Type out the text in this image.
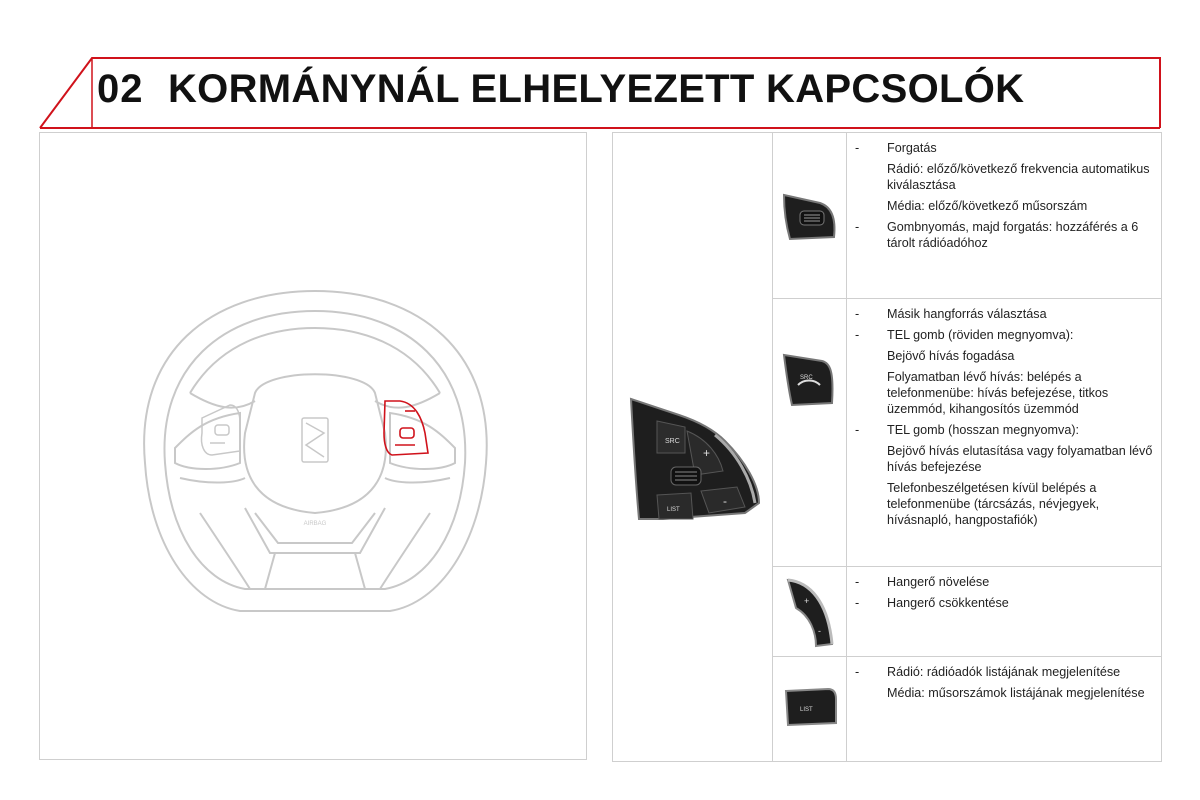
02 KORMÁNYNÁL ELHELYEZETT KAPCSOLÓK
AIRBAG
SRC
+
LIST
-
- Forgatás
Rádió: előző/következő frekvencia automatikus kiválasztása
Média: előző/következő műsorszám
- Gombnyomás, majd forgatás: hozzáférés a 6 tárolt rádióadóhoz
SRC
- Másik hangforrás választása
- TEL gomb (röviden megnyomva):
Bejövő hívás fogadása
Folyamatban lévő hívás: belépés a telefonmenübe: hívás befejezése, titkos üzemmód, kihangosítós üzemmód
- TEL gomb (hosszan megnyomva):
Bejövő hívás elutasítása vagy folyamatban lévő hívás befejezése
Telefonbeszélgetésen kívül belépés a telefonmenübe (tárcsázás, névjegyek, hívásnapló, hangpostafiók)
+
-
- Hangerő növelése
- Hangerő csökkentése
LIST
- Rádió: rádióadók listájának megjelenítése
Média: műsorszámok listájának megjelenítése
